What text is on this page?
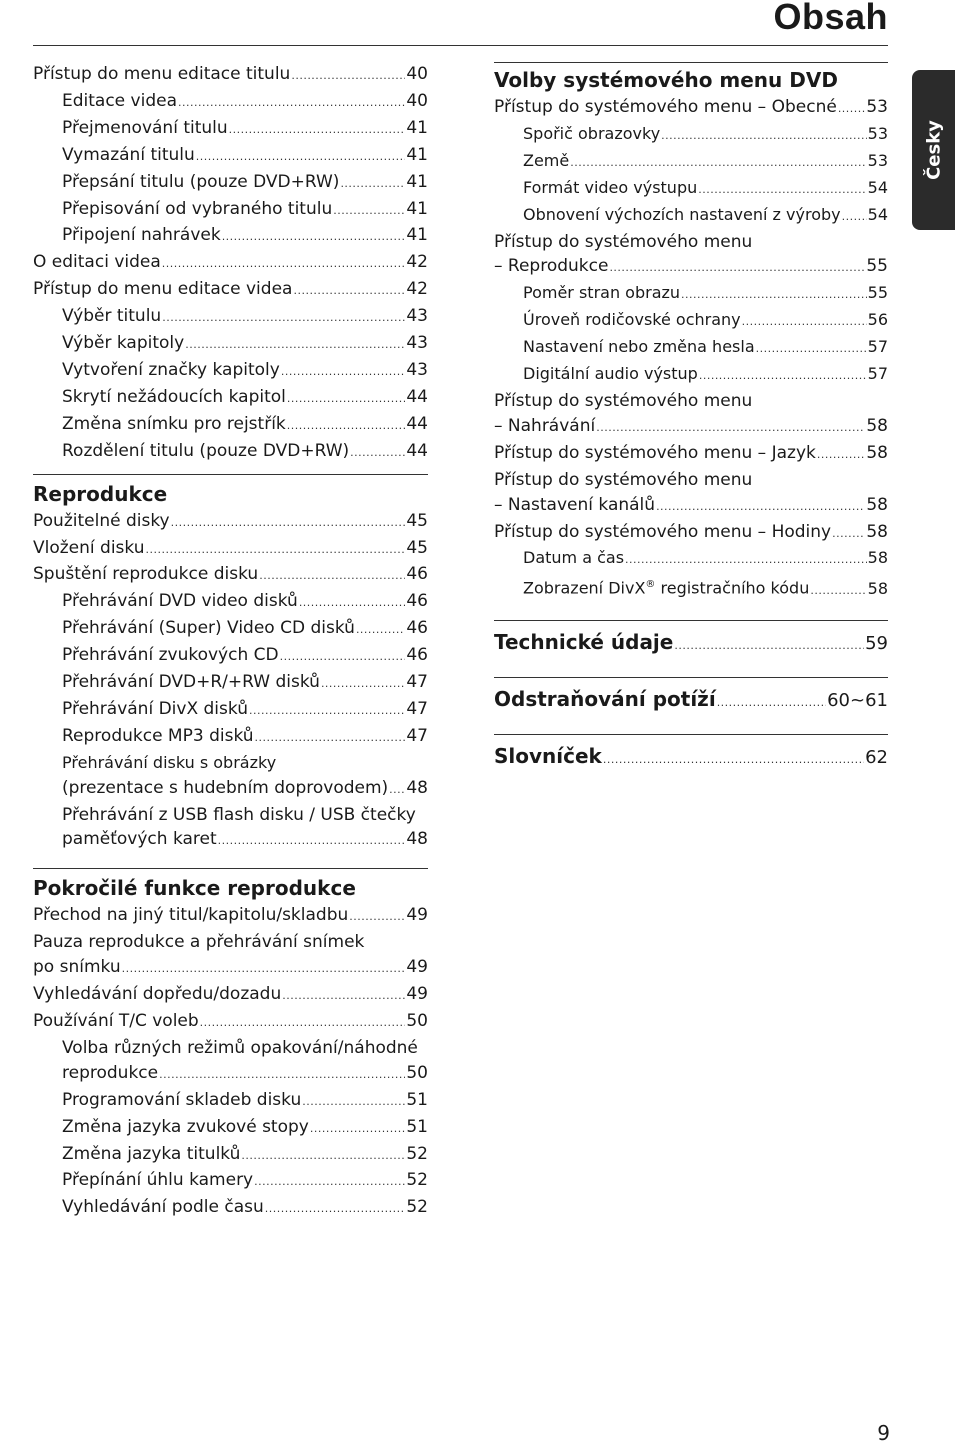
Obsah
Česky
Přístup do menu editace titulu .....	40
Editace videa .....	40
Přejmenování titulu .....	41
Vymazání titulu .....	41
Přepsání titulu (pouze DVD+RW) .....	41
Přepisování od vybraného titulu .....	41
Připojení nahrávek .....	41
O editaci videa .....	42
Přístup do menu editace videa .....	42
Výběr titulu .....	43
Výběr kapitoly .....	43
Vytvoření značky kapitoly .....	43
Skrytí nežádoucích kapitol .....	44
Změna snímku pro rejstřík .....	44
Rozdělení titulu (pouze DVD+RW) .....	44
Reprodukce
Použitelné disky .....	45
Vložení disku .....	45
Spuštění reprodukce disku .....	46
Přehrávání DVD video disků .....	46
Přehrávání (Super) Video CD disků .....	46
Přehrávání zvukových CD .....	46
Přehrávání DVD+R/+RW disků .....	47
Přehrávání DivX disků .....	47
Reprodukce MP3 disků .....	47
Přehrávání disku s obrázky
(prezentace s hudebním doprovodem) ..... 48
Přehrávání z USB flash disku / USB čtečky
paměťových karet .....	48
Pokročilé funkce reprodukce
Přechod na jiný titul/kapitolu/skladbu .....	49
Pauza reprodukce a přehrávání snímek
po snímku .....	49
Vyhledávání dopředu/dozadu .....	49
Používání T/C voleb .....	50
Volba různých režimů opakování/náhodné
reprodukce .....	50
Programování skladeb disku .....	51
Změna jazyka zvukové stopy .....	51
Změna jazyka titulků .....	52
Přepínání úhlu kamery .....	52
Vyhledávání podle času .....	52
Volby systémového menu DVD
Přístup do systémového menu – Obecné ..... 53
Spořič obrazovky .....	53
Země .....	53
Formát video výstupu .....	54
Obnovení výchozích nastavení z výroby ..... 54
Přístup do systémového menu
– Reprodukce .....	55
Poměr stran obrazu .....	55
Úroveň rodičovské ochrany .....	56
Nastavení nebo změna hesla .....	57
Digitální audio výstup .....	57
Přístup do systémového menu
– Nahrávání .....	58
Přístup do systémového menu – Jazyk .....	58
Přístup do systémového menu
– Nastavení kanálů .....	58
Přístup do systémového menu – Hodiny ..... 58
Datum a čas .....	58
Zobrazení DivX® registračního kódu .....	58
Technické údaje .....	59
Odstraňování potíží .....	60~61
Slovníček .....	62
9
